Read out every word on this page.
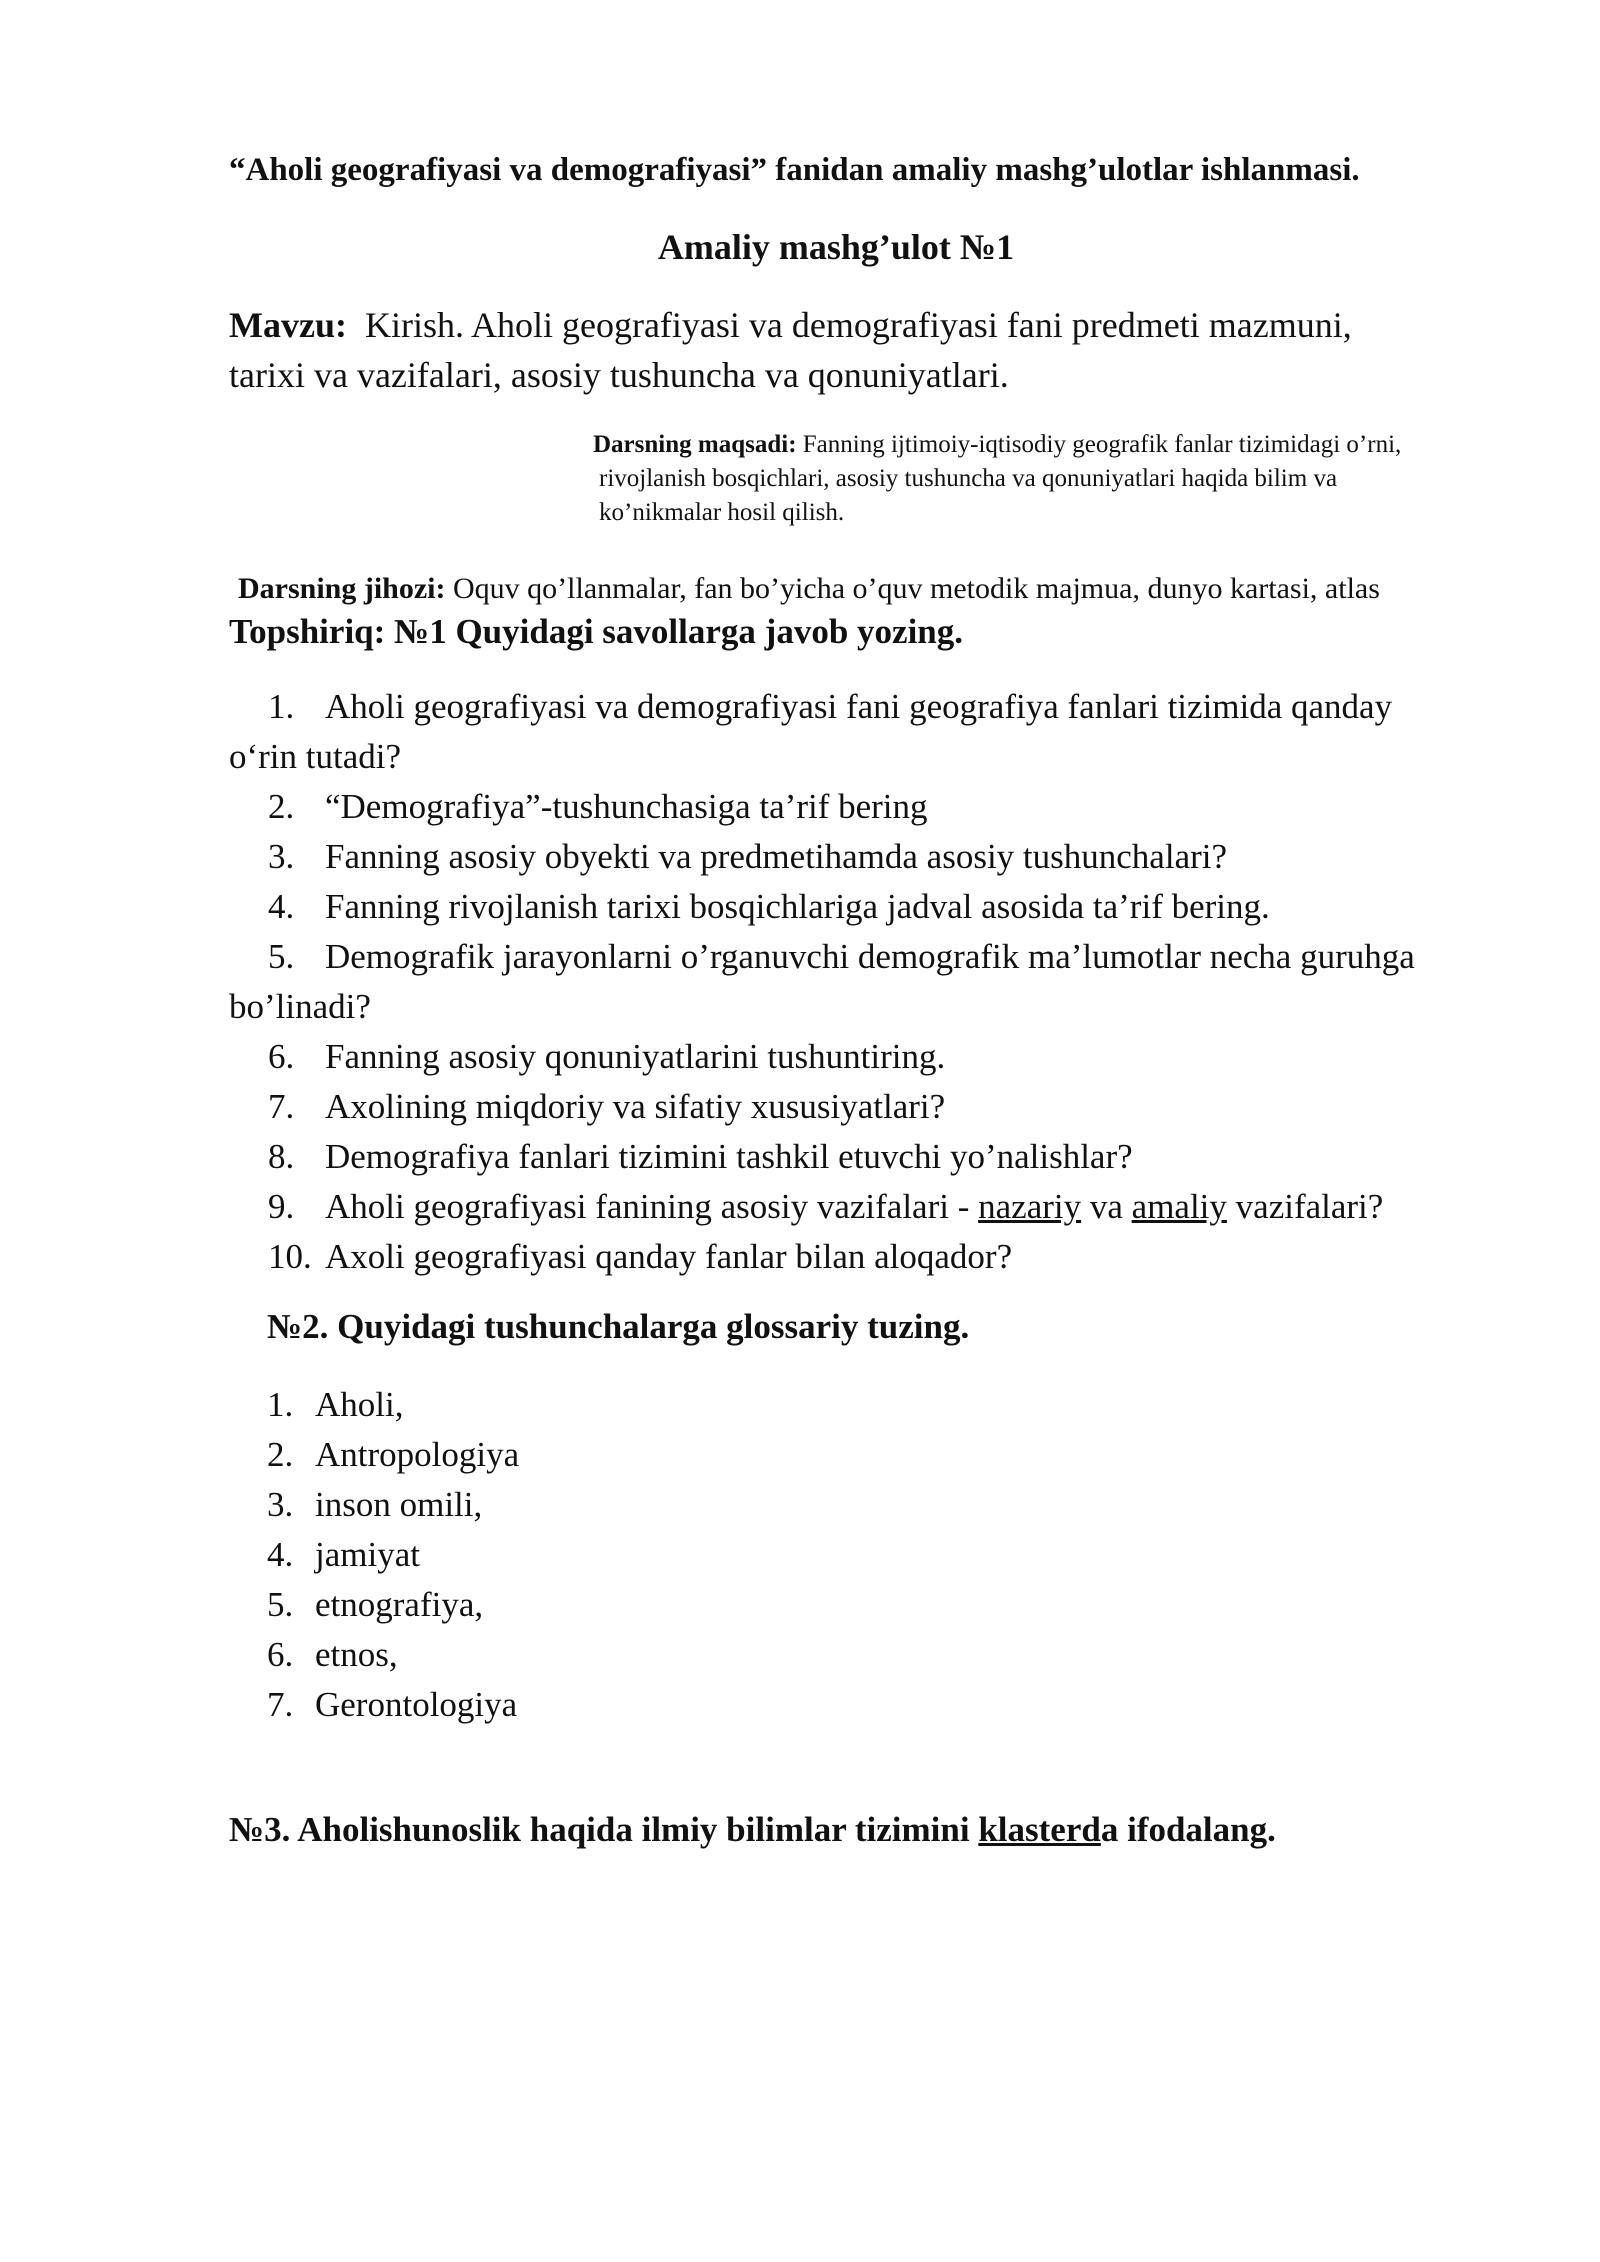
“Aholi geografiyasi va demografiyasi” fanidan amaliy mashg’ulotlar ishlanmasi.
Amaliy mashg’ulot №1
Mavzu: Kirish. Aholi geografiyasi va demografiyasi fani predmeti mazmuni,
tarixi va vazifalari, asosiy tushuncha va qonuniyatlari.
Darsning maqsadi: Fanning ijtimoiy-iqtisodiy geografik fanlar tizimidagi o’rni,
rivojlanish bosqichlari, asosiy tushuncha va qonuniyatlari haqida bilim va
ko’nikmalar hosil qilish.
Darsning jihozi: Oquv qo’llanmalar, fan bo’yicha o’quv metodik majmua, dunyo kartasi, atlas
Topshiriq: №1 Quyidagi savollarga javob yozing.
1. Aholi geografiyasi va demografiyasi fani geografiya fanlari tizimida qanday
o‘rin tutadi?
2. “Demografiya”-tushunchasiga ta’rif bering
3. Fanning asosiy obyekti va predmetihamda asosiy tushunchalari?
4. Fanning rivojlanish tarixi bosqichlariga jadval asosida ta’rif bering.
5. Demografik jarayonlarni o’rganuvchi demografik ma’lumotlar necha guruhga
bo’linadi?
6. Fanning asosiy qonuniyatlarini tushuntiring.
7. Axolining miqdoriy va sifatiy xususiyatlari?
8. Demografiya fanlari tizimini tashkil etuvchi yo’nalishlar?
9. Aholi geografiyasi fanining asosiy vazifalari - nazariy va amaliy vazifalari?
10. Axoli geografiyasi qanday fanlar bilan aloqador?
№2. Quyidagi tushunchalarga glossariy tuzing.
1. Aholi,
2. Antropologiya
3. inson omili,
4. jamiyat
5. etnografiya,
6. etnos,
7. Gerontologiya
№3. Aholishunoslik haqida ilmiy bilimlar tizimini klasterda ifodalang.
